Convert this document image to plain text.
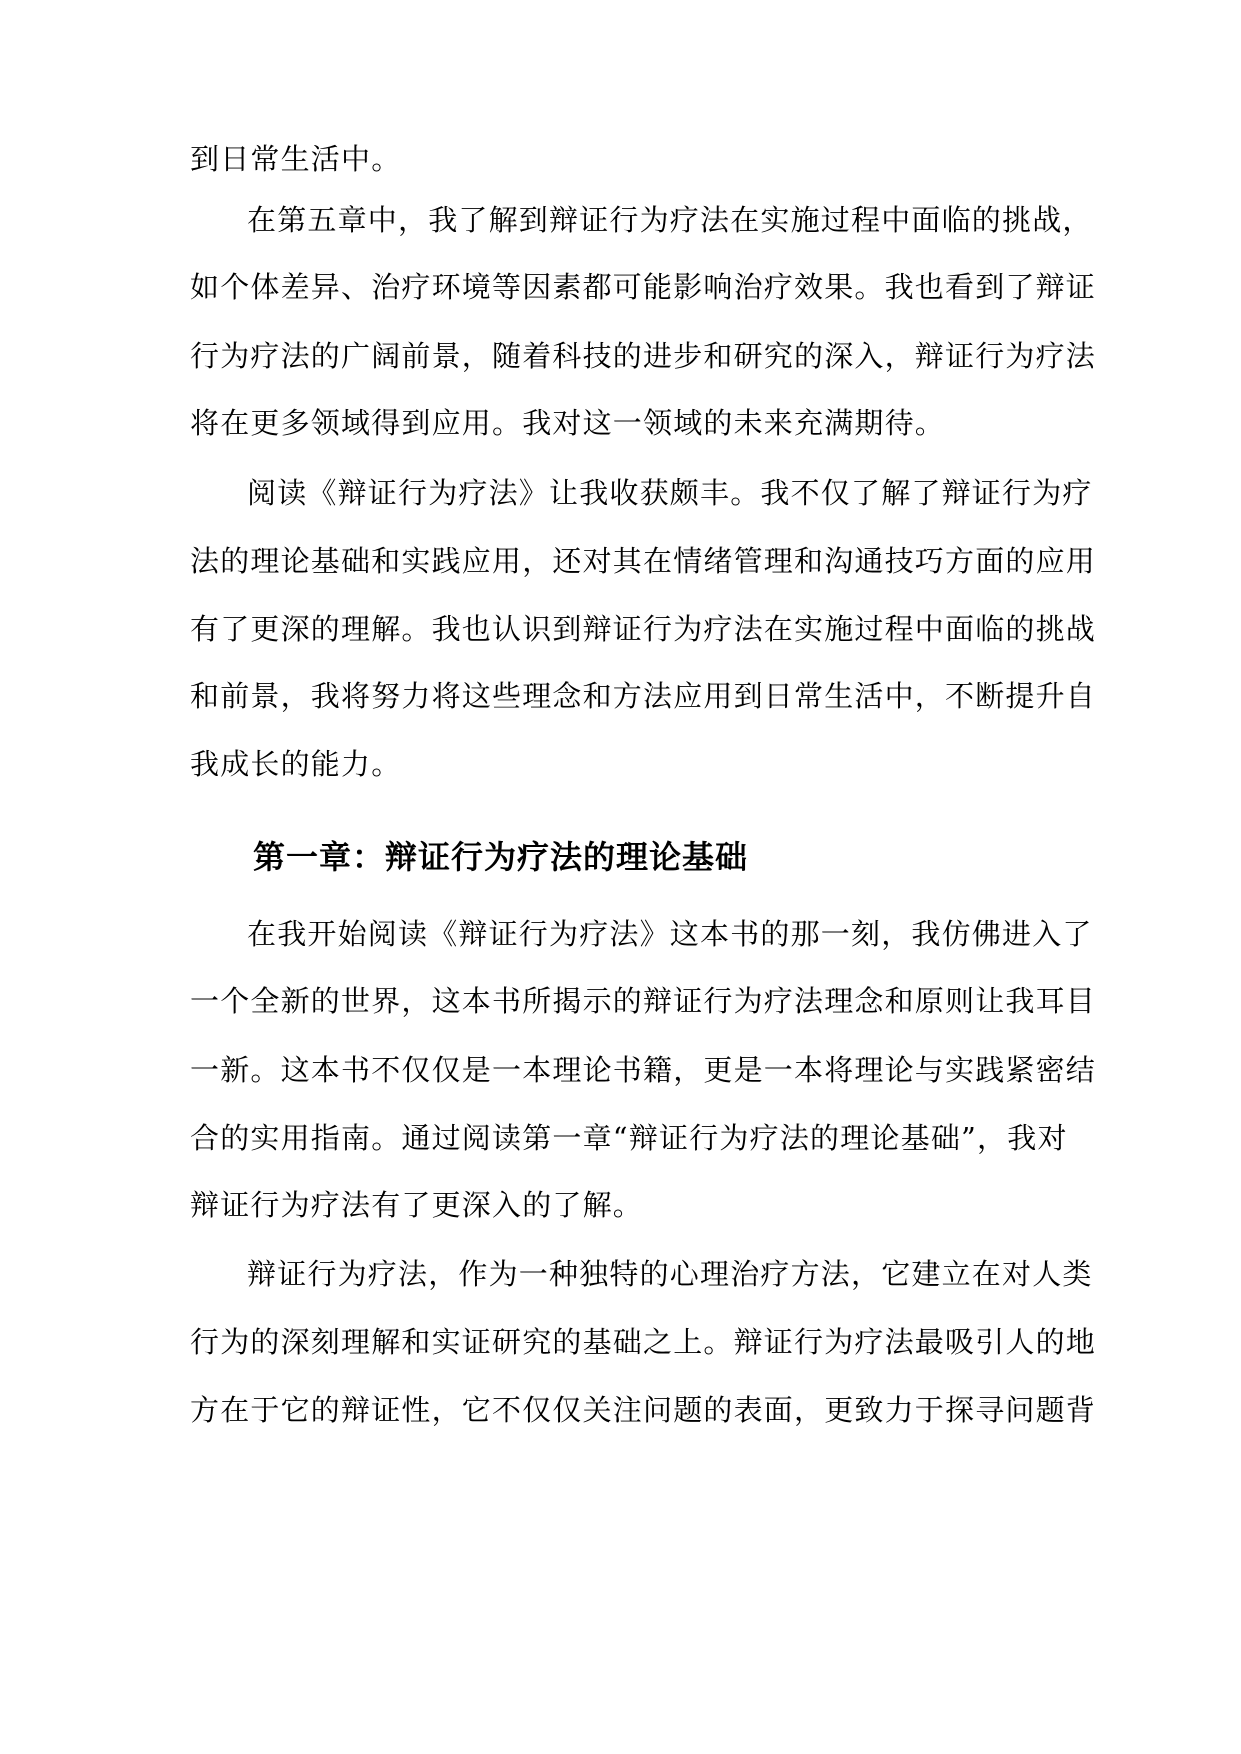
到日常生活中。
在第五章中，我了解到辩证行为疗法在实施过程中面临的挑战，
如个体差异、治疗环境等因素都可能影响治疗效果。我也看到了辩证
行为疗法的广阔前景，随着科技的进步和研究的深入，辩证行为疗法
将在更多领域得到应用。我对这一领域的未来充满期待。
阅读《辩证行为疗法》让我收获颇丰。我不仅了解了辩证行为疗
法的理论基础和实践应用，还对其在情绪管理和沟通技巧方面的应用
有了更深的理解。我也认识到辩证行为疗法在实施过程中面临的挑战
和前景，我将努力将这些理念和方法应用到日常生活中，不断提升自
我成长的能力。
第一章：辩证行为疗法的理论基础
在我开始阅读《辩证行为疗法》这本书的那一刻，我仿佛进入了
一个全新的世界，这本书所揭示的辩证行为疗法理念和原则让我耳目
一新。这本书不仅仅是一本理论书籍，更是一本将理论与实践紧密结
合的实用指南。通过阅读第一章“辩证行为疗法的理论基础”，我对
辩证行为疗法有了更深入的了解。
辩证行为疗法，作为一种独特的心理治疗方法，它建立在对人类
行为的深刻理解和实证研究的基础之上。辩证行为疗法最吸引人的地
方在于它的辩证性，它不仅仅关注问题的表面，更致力于探寻问题背
